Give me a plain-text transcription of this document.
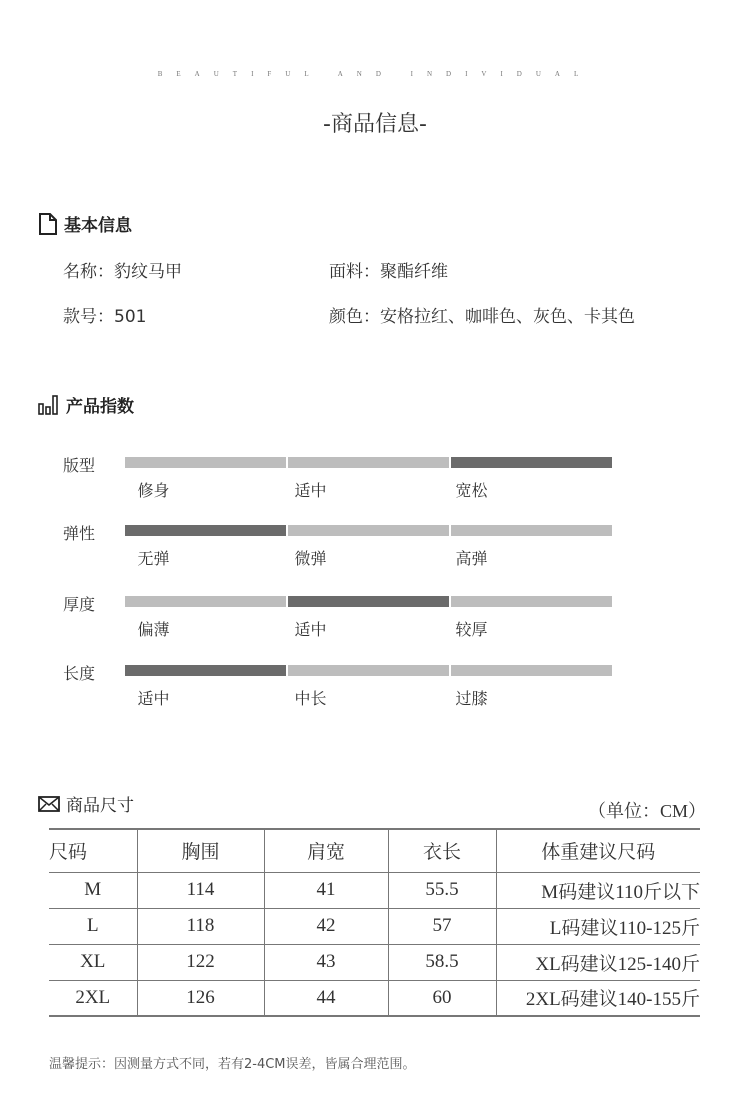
BEAUTIFUL AND INDIVIDUAL
-商品信息-
基本信息
名称：豹纹马甲	面料：聚酯纤维
款号：501	颜色：安格拉红、咖啡色、灰色、卡其色
产品指数
版型
修身	适中	宽松
弹性
无弹	微弹	高弹
厚度
偏薄	适中	较厚
长度
适中	中长	过膝
商品尺寸	（单位：CM）
尺码	胸围	肩宽	衣长	体重建议尺码
M	114	41	55.5	M码建议110斤以下
L	118	42	57	L码建议110-125斤
XL	122	43	58.5	XL码建议125-140斤
2XL	126	44	60	2XL码建议140-155斤
温馨提示：因测量方式不同，若有2-4CM误差，皆属合理范围。
